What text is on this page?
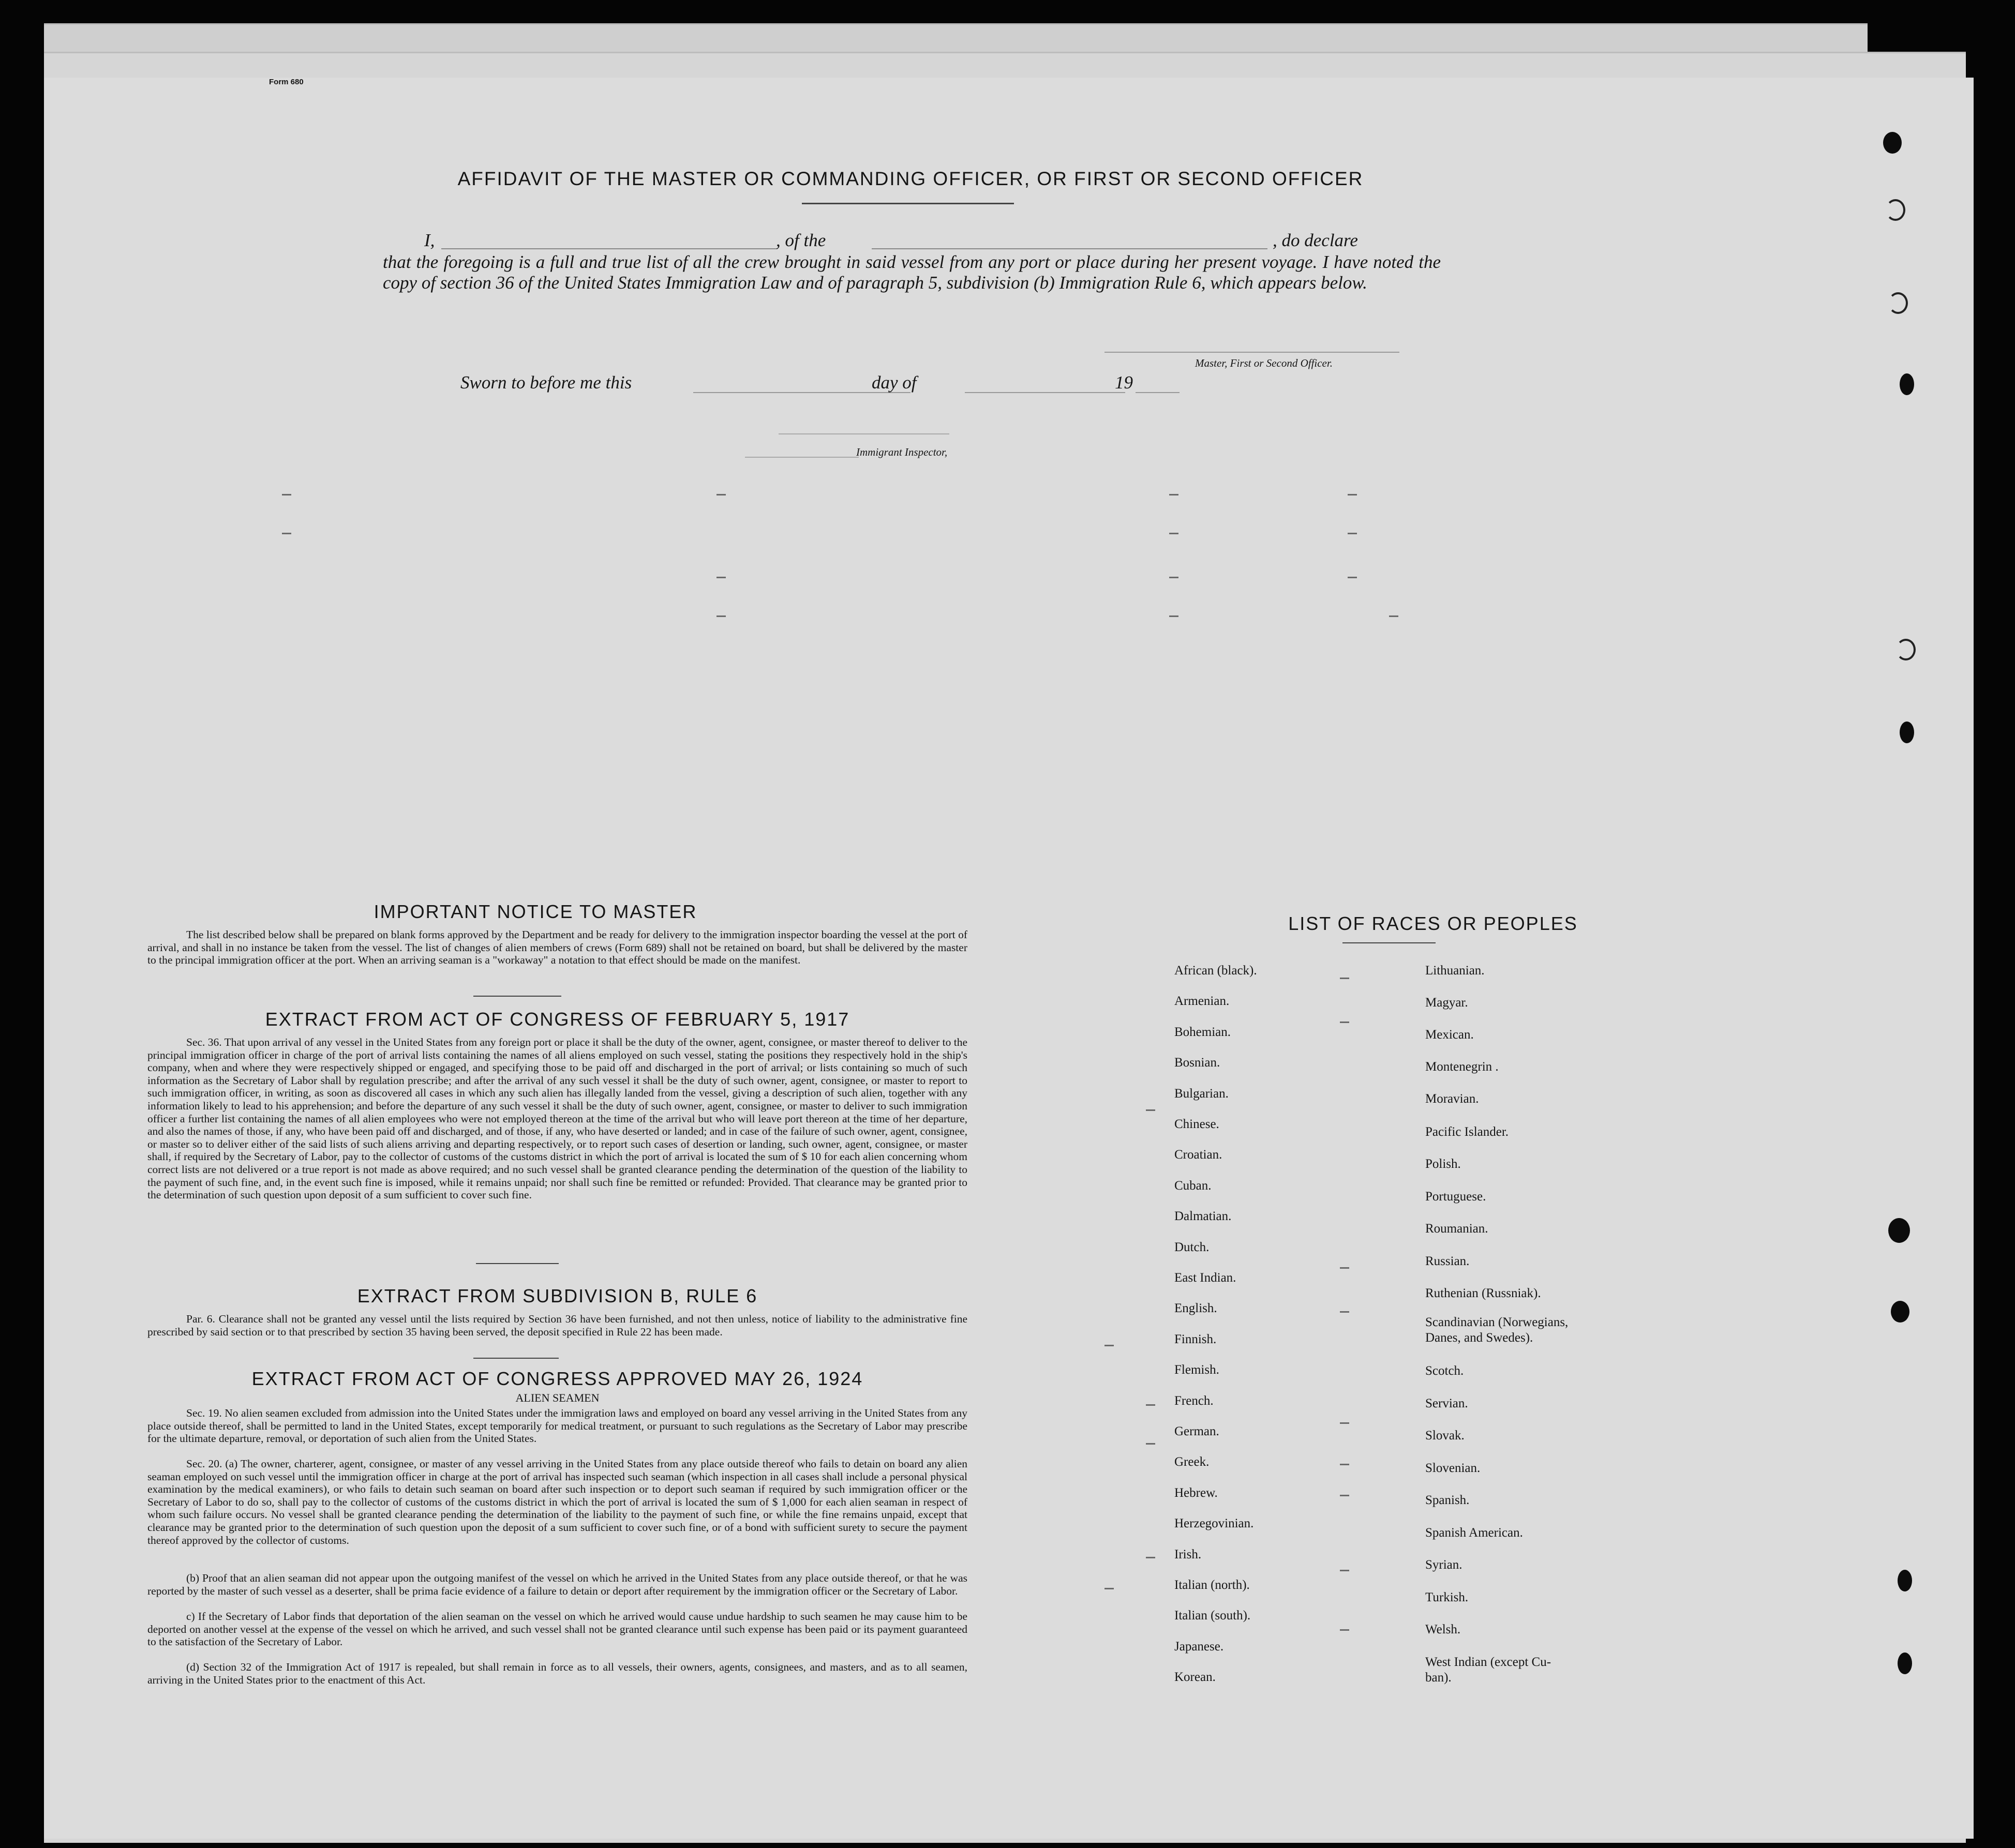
Form 680
AFFIDAVIT OF THE MASTER OR COMMANDING OFFICER, OR FIRST OR SECOND OFFICER
I,	, of the	, do declare
that the foregoing is a full and true list of all the crew brought in said vessel from any port or place during her present voyage. I have noted the copy of section 36 of the United States Immigration Law and of paragraph 5, subdivision (b) Immigration Rule 6, which appears below.
Master, First or Second Officer.
Sworn to before me this	day of	19
Immigrant Inspector,
IMPORTANT NOTICE TO MASTER
The list described below shall be prepared on blank forms approved by the Department and be ready for delivery to the immigration inspector boarding the vessel at the port of arrival, and shall in no instance be taken from the vessel. The list of changes of alien members of crews (Form 689) shall not be retained on board, but shall be delivered by the master to the principal immigration officer at the port. When an arriving seaman is a "workaway" a notation to that effect should be made on the manifest.
EXTRACT FROM ACT OF CONGRESS OF FEBRUARY 5, 1917
Sec. 36. That upon arrival of any vessel in the United States from any foreign port or place it shall be the duty of the owner, agent, consignee, or master thereof to deliver to the principal immigration officer in charge of the port of arrival lists containing the names of all aliens employed on such vessel, stating the positions they respectively hold in the ship's company, when and where they were respectively shipped or engaged, and specifying those to be paid off and discharged in the port of arrival; or lists containing so much of such information as the Secretary of Labor shall by regulation prescribe; and after the arrival of any such vessel it shall be the duty of such owner, agent, consignee, or master to report to such immigration officer, in writing, as soon as discovered all cases in which any such alien has illegally landed from the vessel, giving a description of such alien, together with any information likely to lead to his apprehension; and before the departure of any such vessel it shall be the duty of such owner, agent, consignee, or master to deliver to such immigration officer a further list containing the names of all alien employees who were not employed thereon at the time of the arrival but who will leave port thereon at the time of her departure, and also the names of those, if any, who have been paid off and discharged, and of those, if any, who have deserted or landed; and in case of the failure of such owner, agent, consignee, or master so to deliver either of the said lists of such aliens arriving and departing respectively, or to report such cases of desertion or landing, such owner, agent, consignee, or master shall, if required by the Secretary of Labor, pay to the collector of customs of the customs district in which the port of arrival is located the sum of $ 10 for each alien concerning whom correct lists are not delivered or a true report is not made as above required; and no such vessel shall be granted clearance pending the determination of the question of the liability to the payment of such fine, and, in the event such fine is imposed, while it remains unpaid; nor shall such fine be remitted or refunded: Provided. That clearance may be granted prior to the determination of such question upon deposit of a sum sufficient to cover such fine.
EXTRACT FROM SUBDIVISION B, RULE 6
Par. 6. Clearance shall not be granted any vessel until the lists required by Section 36 have been furnished, and not then unless, notice of liability to the administrative fine prescribed by said section or to that prescribed by section 35 having been served, the deposit specified in Rule 22 has been made.
EXTRACT FROM ACT OF CONGRESS APPROVED MAY 26, 1924
ALIEN SEAMEN
Sec. 19. No alien seamen excluded from admission into the United States under the immigration laws and employed on board any vessel arriving in the United States from any place outside thereof, shall be permitted to land in the United States, except temporarily for medical treatment, or pursuant to such regulations as the Secretary of Labor may prescribe for the ultimate departure, removal, or deportation of such alien from the United States.
Sec. 20. (a) The owner, charterer, agent, consignee, or master of any vessel arriving in the United States from any place outside thereof who fails to detain on board any alien seaman employed on such vessel until the immigration officer in charge at the port of arrival has inspected such seaman (which inspection in all cases shall include a personal physical examination by the medical examiners), or who fails to detain such seaman on board after such inspection or to deport such seaman if required by such immigration officer or the Secretary of Labor to do so, shall pay to the collector of customs of the customs district in which the port of arrival is located the sum of $ 1,000 for each alien seaman in respect of whom such failure occurs. No vessel shall be granted clearance pending the determination of the liability to the payment of such fine, or while the fine remains unpaid, except that clearance may be granted prior to the determination of such question upon the deposit of a sum sufficient to cover such fine, or of a bond with sufficient surety to secure the payment thereof approved by the collector of customs.
(b) Proof that an alien seaman did not appear upon the outgoing manifest of the vessel on which he arrived in the United States from any place outside thereof, or that he was reported by the master of such vessel as a deserter, shall be prima facie evidence of a failure to detain or deport after requirement by the immigration officer or the Secretary of Labor.
c) If the Secretary of Labor finds that deportation of the alien seaman on the vessel on which he arrived would cause undue hardship to such seamen he may cause him to be deported on another vessel at the expense of the vessel on which he arrived, and such vessel shall not be granted clearance until such expense has been paid or its payment guaranteed to the satisfaction of the Secretary of Labor.
(d) Section 32 of the Immigration Act of 1917 is repealed, but shall remain in force as to all vessels, their owners, agents, consignees, and masters, and as to all seamen, arriving in the United States prior to the enactment of this Act.
LIST OF RACES OR PEOPLES
African (black).
Armenian.
Bohemian.
Bosnian.
Bulgarian.
Chinese.
Croatian.
Cuban.
Dalmatian.
Dutch.
East Indian.
English.
Finnish.
Flemish.
French.
German.
Greek.
Hebrew.
Herzegovinian.
Irish.
Italian (north).
Italian (south).
Japanese.
Korean.
Lithuanian.
Magyar.
Mexican.
Montenegrin .
Moravian.
Pacific Islander.
Polish.
Portuguese.
Roumanian.
Russian.
Ruthenian (Russniak).
Scandinavian (Norwegians,
Danes, and Swedes).
Scotch.
Servian.
Slovak.
Slovenian.
Spanish.
Spanish American.
Syrian.
Turkish.
Welsh.
West Indian (except Cu-
ban).
